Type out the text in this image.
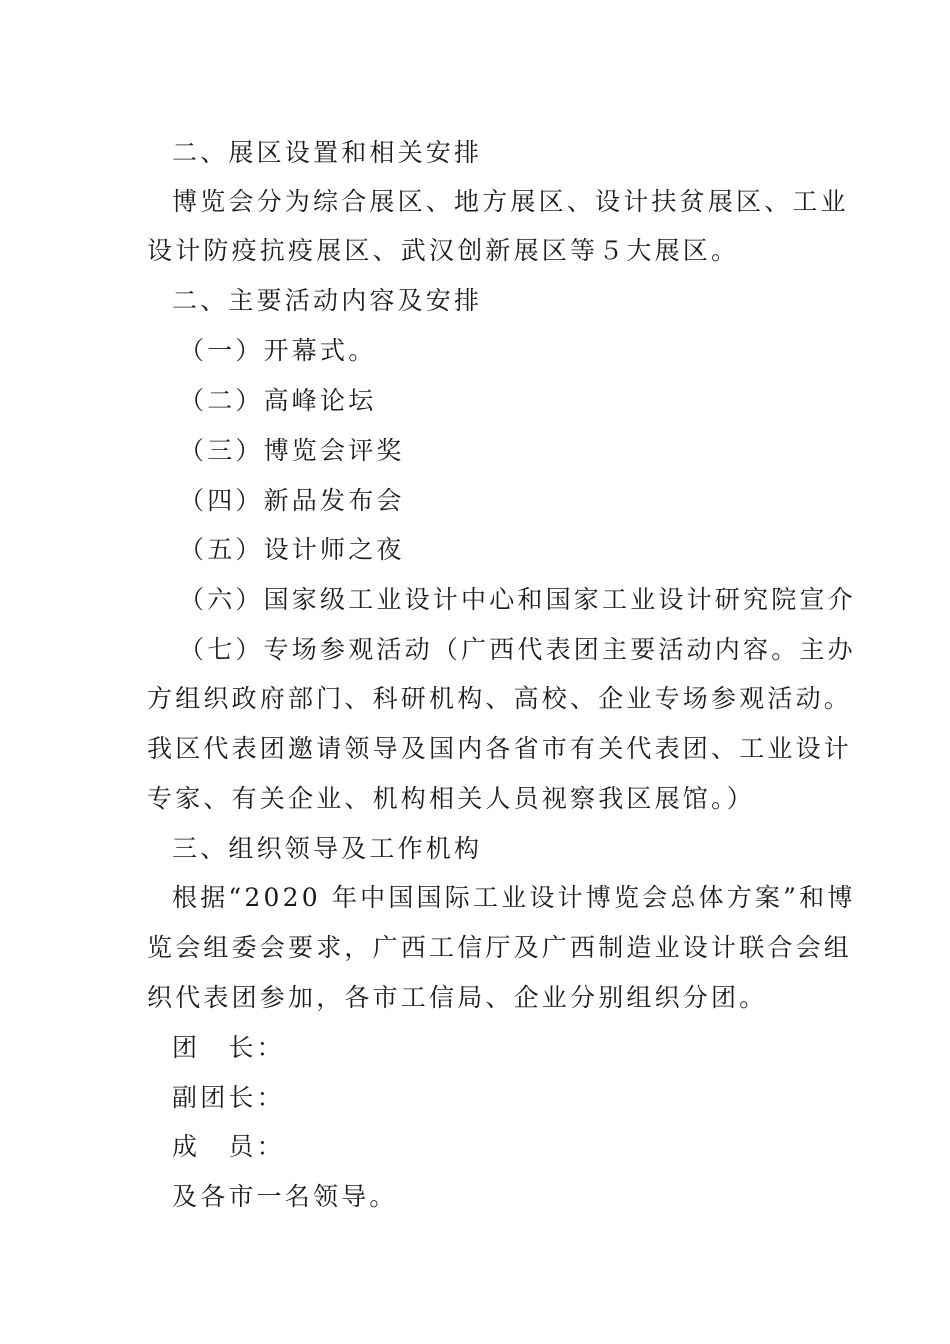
二、展区设置和相关安排
博览会分为综合展区、地方展区、设计扶贫展区、工业
设计防疫抗疫展区、武汉创新展区等５大展区。
二、主要活动内容及安排
（一）开幕式。
（二）高峰论坛
（三）博览会评奖
（四）新品发布会
（五）设计师之夜
（六）国家级工业设计中心和国家工业设计研究院宣介
（七）专场参观活动（广西代表团主要活动内容。主办
方组织政府部门、科研机构、高校、企业专场参观活动。
我区代表团邀请领导及国内各省市有关代表团、工业设计
专家、有关企业、机构相关人员视察我区展馆。）
三、组织领导及工作机构
根据“2020 年中国国际工业设计博览会总体方案”和博
览会组委会要求，广西工信厅及广西制造业设计联合会组
织代表团参加，各市工信局、企业分别组织分团。
团　长：
副团长：
成　员：
及各市一名领导。
